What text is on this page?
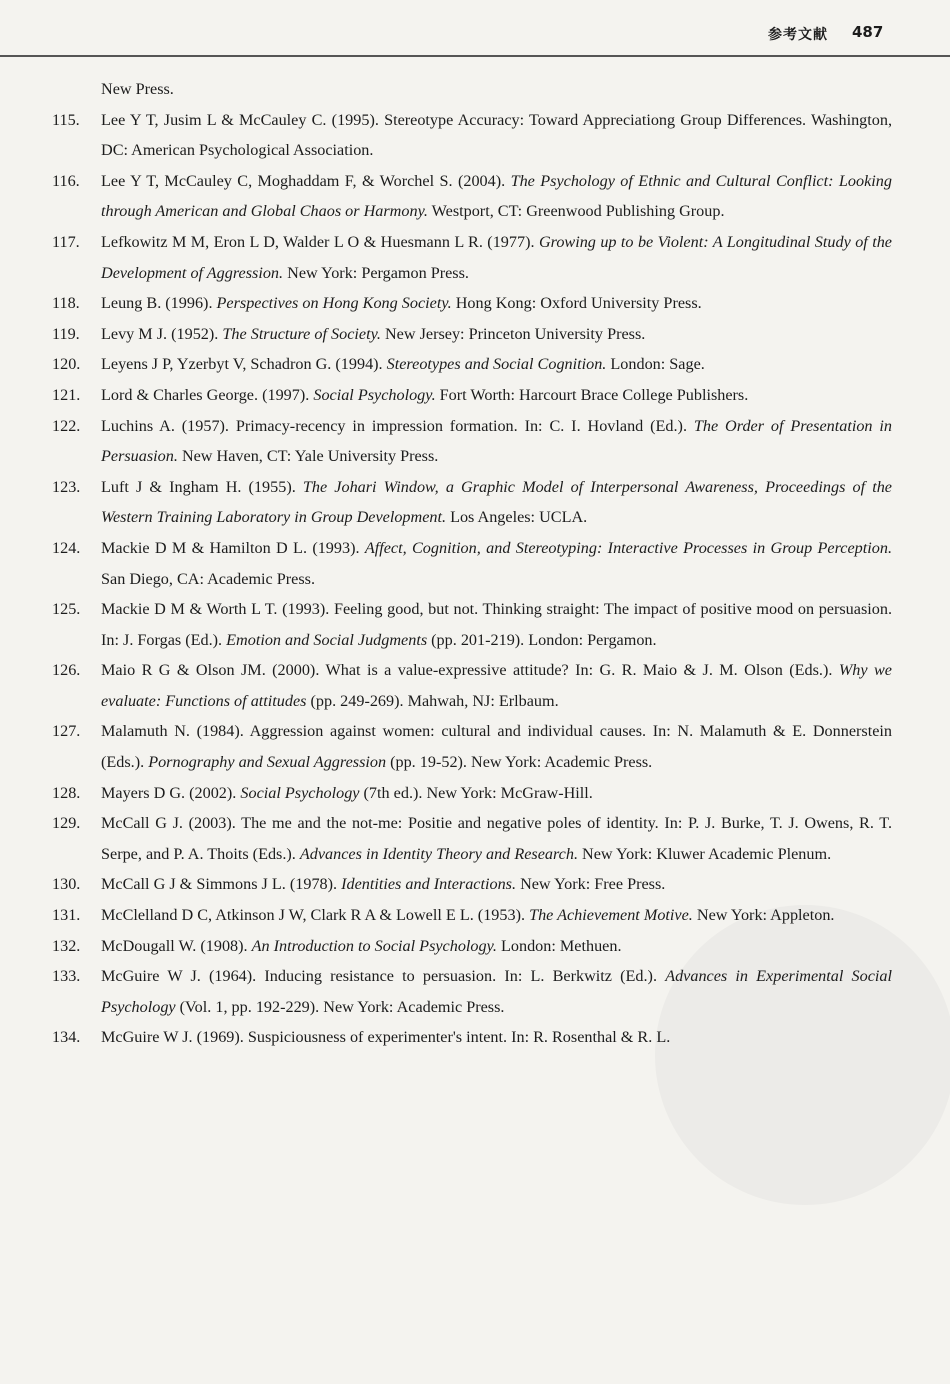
参考文献 487
New Press.
115.	Lee Y T, Jusim L & McCauley C. (1995). Stereotype Accuracy: Toward Appreciationg Group Differences. Washington, DC: American Psychological Association.
116.	Lee Y T, McCauley C, Moghaddam F, & Worchel S. (2004). The Psychology of Ethnic and Cultural Conflict: Looking through American and Global Chaos or Harmony. Westport, CT: Greenwood Publishing Group.
117.	Lefkowitz M M, Eron L D, Walder L O & Huesmann L R. (1977). Growing up to be Violent: A Longitudinal Study of the Development of Aggression. New York: Pergamon Press.
118.	Leung B. (1996). Perspectives on Hong Kong Society. Hong Kong: Oxford University Press.
119.	Levy M J. (1952). The Structure of Society. New Jersey: Princeton University Press.
120.	Leyens J P, Yzerbyt V, Schadron G. (1994). Stereotypes and Social Cognition. London: Sage.
121.	Lord & Charles George. (1997). Social Psychology. Fort Worth: Harcourt Brace College Publishers.
122.	Luchins A. (1957). Primacy-recency in impression formation. In: C. I. Hovland (Ed.). The Order of Presentation in Persuasion. New Haven, CT: Yale University Press.
123.	Luft J & Ingham H. (1955). The Johari Window, a Graphic Model of Interpersonal Awareness, Proceedings of the Western Training Laboratory in Group Development. Los Angeles: UCLA.
124.	Mackie D M & Hamilton D L. (1993). Affect, Cognition, and Stereotyping: Interactive Processes in Group Perception. San Diego, CA: Academic Press.
125.	Mackie D M & Worth L T. (1993). Feeling good, but not. Thinking straight: The impact of positive mood on persuasion. In: J. Forgas (Ed.). Emotion and Social Judgments (pp. 201-219). London: Pergamon.
126.	Maio R G & Olson JM. (2000). What is a value-expressive attitude? In: G. R. Maio & J. M. Olson (Eds.). Why we evaluate: Functions of attitudes (pp. 249-269). Mahwah, NJ: Erlbaum.
127.	Malamuth N. (1984). Aggression against women: cultural and individual causes. In: N. Malamuth & E. Donnerstein (Eds.). Pornography and Sexual Aggression (pp. 19-52). New York: Academic Press.
128.	Mayers D G. (2002). Social Psychology (7th ed.). New York: McGraw-Hill.
129.	McCall G J. (2003). The me and the not-me: Positie and negative poles of identity. In: P. J. Burke, T. J. Owens, R. T. Serpe, and P. A. Thoits (Eds.). Advances in Identity Theory and Research. New York: Kluwer Academic Plenum.
130.	McCall G J & Simmons J L. (1978). Identities and Interactions. New York: Free Press.
131.	McClelland D C, Atkinson J W, Clark R A & Lowell E L. (1953). The Achievement Motive. New York: Appleton.
132.	McDougall W. (1908). An Introduction to Social Psychology. London: Methuen.
133.	McGuire W J. (1964). Inducing resistance to persuasion. In: L. Berkwitz (Ed.). Advances in Experimental Social Psychology (Vol. 1, pp. 192-229). New York: Academic Press.
134.	McGuire W J. (1969). Suspiciousness of experimenter's intent. In: R. Rosenthal & R. L.
